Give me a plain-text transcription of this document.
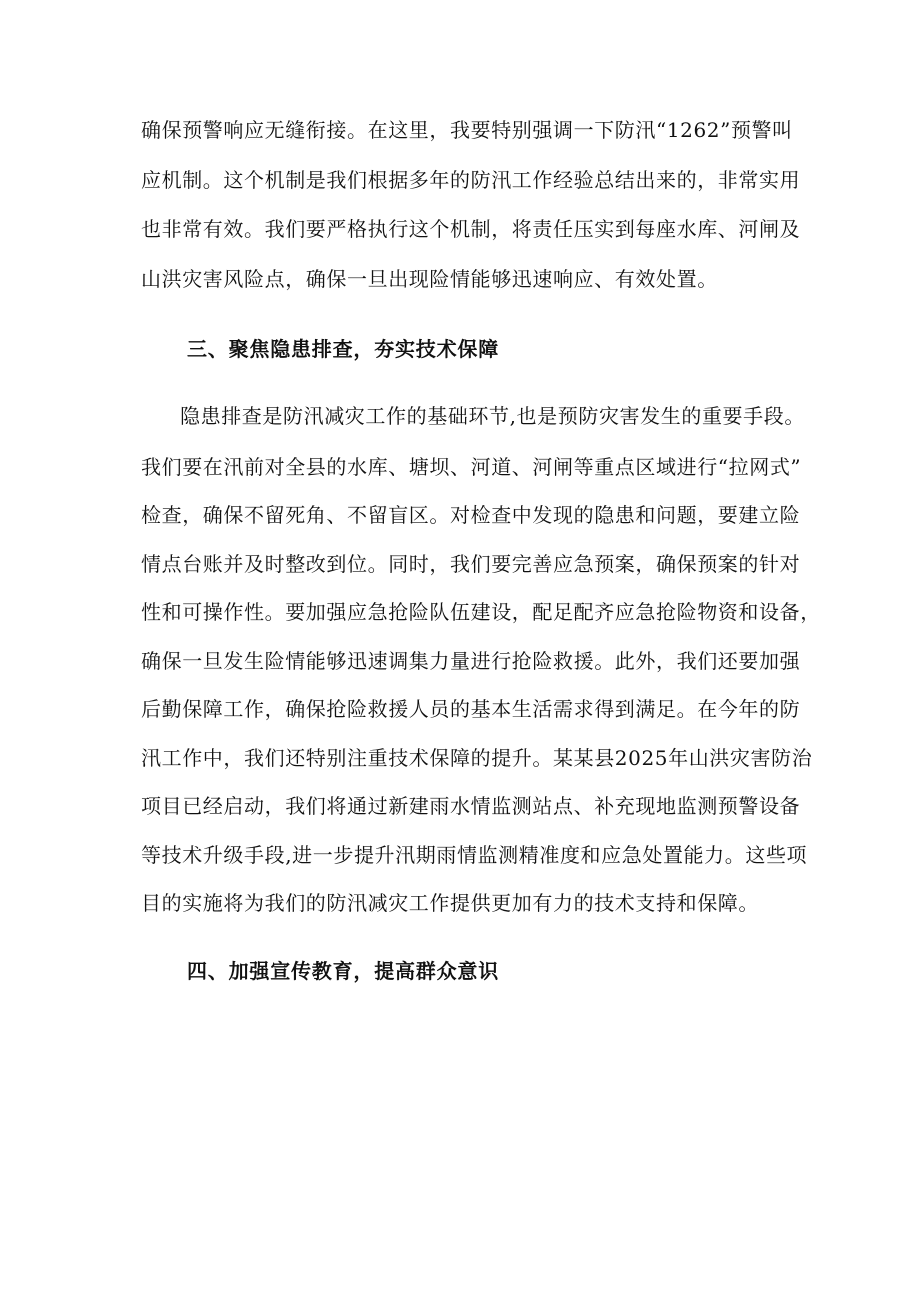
确保预警响应无缝衔接。在这里，我要特别强调一下防汛“1262”预警叫
应机制。这个机制是我们根据多年的防汛工作经验总结出来的，非常实用
也非常有效。我们要严格执行这个机制，将责任压实到每座水库、河闸及
山洪灾害风险点，确保一旦出现险情能够迅速响应、有效处置。
三、聚焦隐患排查，夯实技术保障
隐患排查是防汛减灾工作的基础环节,也是预防灾害发生的重要手段。
我们要在汛前对全县的水库、塘坝、河道、河闸等重点区域进行“拉网式”
检查，确保不留死角、不留盲区。对检查中发现的隐患和问题，要建立险
情点台账并及时整改到位。同时，我们要完善应急预案，确保预案的针对
性和可操作性。要加强应急抢险队伍建设，配足配齐应急抢险物资和设备，
确保一旦发生险情能够迅速调集力量进行抢险救援。此外，我们还要加强
后勤保障工作，确保抢险救援人员的基本生活需求得到满足。在今年的防
汛工作中，我们还特别注重技术保障的提升。某某县2025年山洪灾害防治
项目已经启动，我们将通过新建雨水情监测站点、补充现地监测预警设备
等技术升级手段,进一步提升汛期雨情监测精准度和应急处置能力。这些项
目的实施将为我们的防汛减灾工作提供更加有力的技术支持和保障。
四、加强宣传教育，提高群众意识
